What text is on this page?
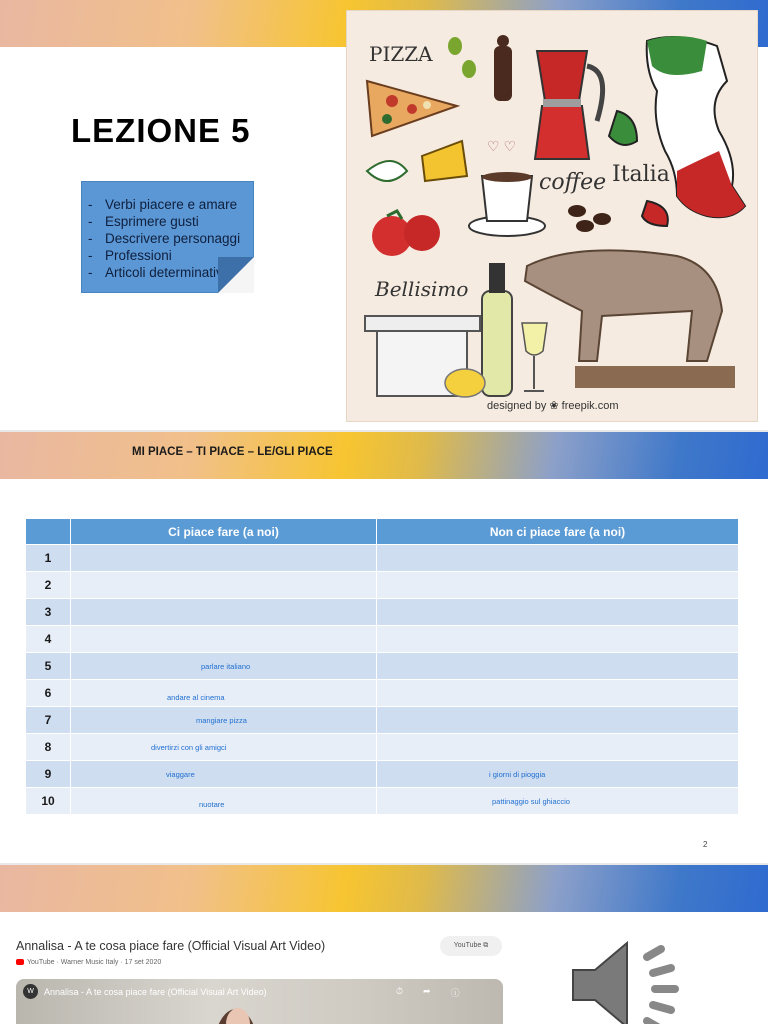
LEZIONE 5
- Verbi piacere e amare
- Esprimere gusti
- Descrivere personaggi
- Professioni
- Articoli determinativi
PIZZA
♡ ♡
coffee Italia
Bellisimo
designed by ❀ freepik.com
MI PIACE – TI PIACE – LE/GLI PIACE
	Ci piace fare (a noi)	Non ci piace fare (a noi)
1		
2		
3		
4		
5	parlare italiano	
6	andare al cinema	
7	mangiare pizza	
8	divertirzi con gli amigci	
9	viaggare	i giorni di pioggia
10	nuotare	pattinaggio sul ghiaccio
2
Annalisa - A te cosa piace fare (Official Visual Art Video)
YouTube · Warner Music Italy · 17 set 2020
YouTube ⧉
W	Annalisa - A te cosa piace fare (Official Visual Art Video)	⏱ ➦ ⓘ
